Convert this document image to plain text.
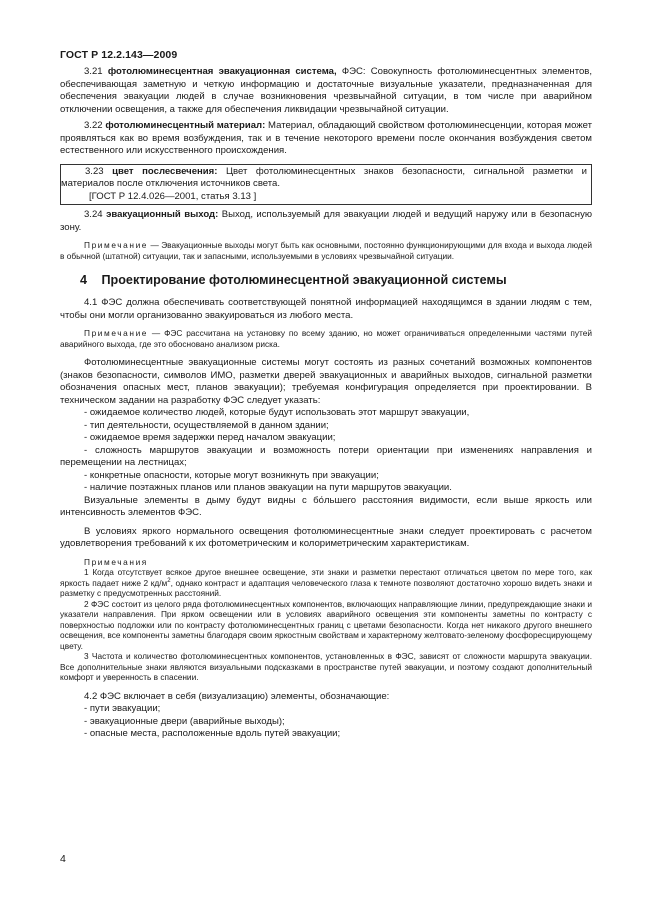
ГОСТ Р 12.2.143—2009

3.21 фотолюминесцентная эвакуационная система, ФЭС: Совокупность фотолюминесцентных элементов, обеспечивающая заметную и четкую информацию и достаточные визуальные указатели, предназначенная для обеспечения эвакуации людей в случае возникновения чрезвычайной ситуации, в том числе при аварийном отключении освещения, а также для обеспечения ликвидации чрезвычайной ситуации.

3.22 фотолюминесцентный материал: Материал, обладающий свойством фотолюминесценции, которая может проявляться как во время возбуждения, так и в течение некоторого времени после окончания возбуждения светом естественного или искусственного происхождения.

3.23 цвет послесвечения: Цвет фотолюминесцентных знаков безопасности, сигнальной разметки и материалов после отключения источников света.

[ГОСТ Р 12.4.026—2001, статья 3.13 ]

3.24 эвакуационный выход: Выход, используемый для эвакуации людей и ведущий наружу или в безопасную зону.

Примечание — Эвакуационные выходы могут быть как основными, постоянно функционирующими для входа и выхода людей в обычной (штатной) ситуации, так и запасными, используемыми в условиях чрезвычайной ситуации.

4 Проектирование фотолюминесцентной эвакуационной системы

4.1 ФЭС должна обеспечивать соответствующей понятной информацией находящимся в здании людям с тем, чтобы они могли организованно эвакуироваться из любого места.

Примечание — ФЭС рассчитана на установку по всему зданию, но может ограничиваться определенными частями путей аварийного выхода, где это обосновано анализом риска.

Фотолюминесцентные эвакуационные системы могут состоять из разных сочетаний возможных компонентов (знаков безопасности, символов ИМО, разметки дверей эвакуационных и аварийных выходов, сигнальной разметки обозначения опасных мест, планов эвакуации); требуемая конфигурация определяется при проектировании. В техническом задании на разработку ФЭС следует указать:

- ожидаемое количество людей, которые будут использовать этот маршрут эвакуации,

- тип деятельности, осуществляемой в данном здании;

- ожидаемое время задержки перед началом эвакуации;

- сложность маршрутов эвакуации и возможность потери ориентации при изменениях направления и перемещении на лестницах;

- конкретные опасности, которые могут возникнуть при эвакуации;

- наличие поэтажных планов или планов эвакуации на пути маршрутов эвакуации.

Визуальные элементы в дыму будут видны с бо́льшего расстояния видимости, если выше яркость или интенсивность элементов ФЭС.

В условиях яркого нормального освещения фотолюминесцентные знаки следует проектировать с расчетом удовлетворения требований к их фотометрическим и колориметрическим характеристикам.

Примечания

1 Когда отсутствует всякое другое внешнее освещение, эти знаки и разметки перестают отличаться цветом по мере того, как яркость падает ниже 2 $кд/м^2$, однако контраст и адаптация человеческого глаза к темноте позволяют достаточно хорошо видеть знаки и разметку с предусмотренных расстояний.

2 ФЭС состоит из целого ряда фотолюминесцентных компонентов, включающих направляющие линии, предупреждающие знаки и указатели направления. При ярком освещении или в условиях аварийного освещения эти компоненты заметны по контрасту с поверхностью подложки или по контрасту фотолюминесцентных границ с цветами безопасности. Когда нет никакого другого внешнего освещения, все компоненты заметны благодаря своим яркостным свойствам и характерному желтовато-зеленому фосфоресцирующему цвету.

3 Частота и количество фотолюминесцентных компонентов, установленных в ФЭС, зависят от сложности маршрута эвакуации. Все дополнительные знаки являются визуальными подсказками в пространстве путей эвакуации, и поэтому создают дополнительный комфорт и уверенность в спасении.

4.2 ФЭС включает в себя (визуализацию) элементы, обозначающие:

- пути эвакуации;

- эвакуационные двери (аварийные выходы);

- опасные места, расположенные вдоль путей эвакуации;

4
